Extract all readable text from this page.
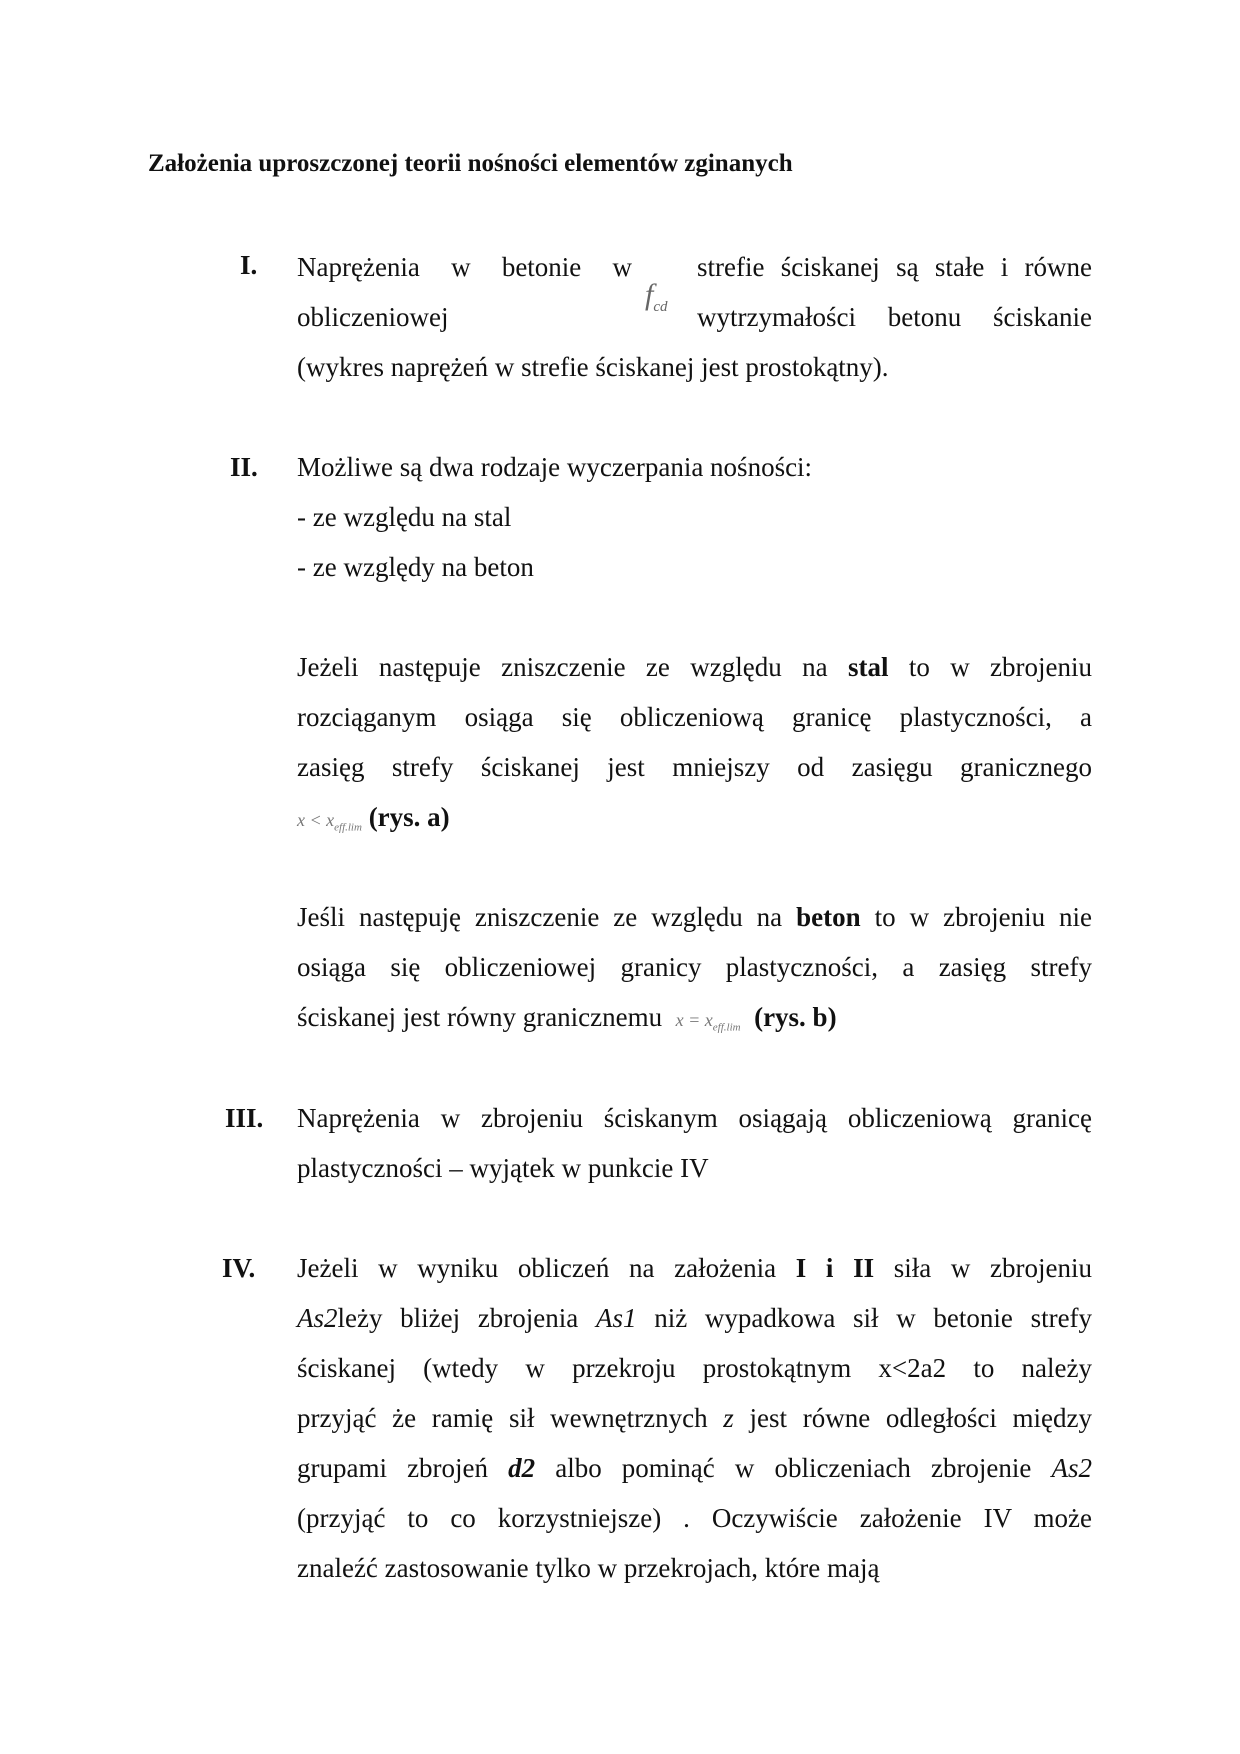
Założenia uproszczonej teorii nośności elementów zginanych
I. Naprężenia w betonie w strefie ściskanej są stałe i równe
$f_{cd}$
obliczeniowej	wytrzymałości betonu ściskanie
(wykres naprężeń w strefie ściskanej jest prostokątny).
II. Możliwe są dwa rodzaje wyczerpania nośności:
- ze względu na stal
- ze względy na beton
Jeżeli następuje zniszczenie ze względu na stal to w zbrojeniu
rozciąganym osiąga się obliczeniową granicę plastyczności, a
zasięg strefy ściskanej jest mniejszy od zasięgu granicznego
$x < x_{eff.lim}$ (rys. a)
Jeśli następuję zniszczenie ze względu na beton to w zbrojeniu nie
osiąga się obliczeniowej granicy plastyczności, a zasięg strefy
ściskanej jest równy granicznemu $x = x_{eff.lim}$ (rys. b)
III. Naprężenia w zbrojeniu ściskanym osiągają obliczeniową granicę
plastyczności – wyjątek w punkcie IV
IV. Jeżeli w wyniku obliczeń na założenia I i II siła w zbrojeniu
As2leży bliżej zbrojenia As1 niż wypadkowa sił w betonie strefy
ściskanej (wtedy w przekroju prostokątnym x<2a2 to należy
przyjąć że ramię sił wewnętrznych z jest równe odległości między
grupami zbrojeń d2 albo pominąć w obliczeniach zbrojenie As2
(przyjąć to co korzystniejsze) . Oczywiście założenie IV może
znaleźć zastosowanie tylko w przekrojach, które mają
